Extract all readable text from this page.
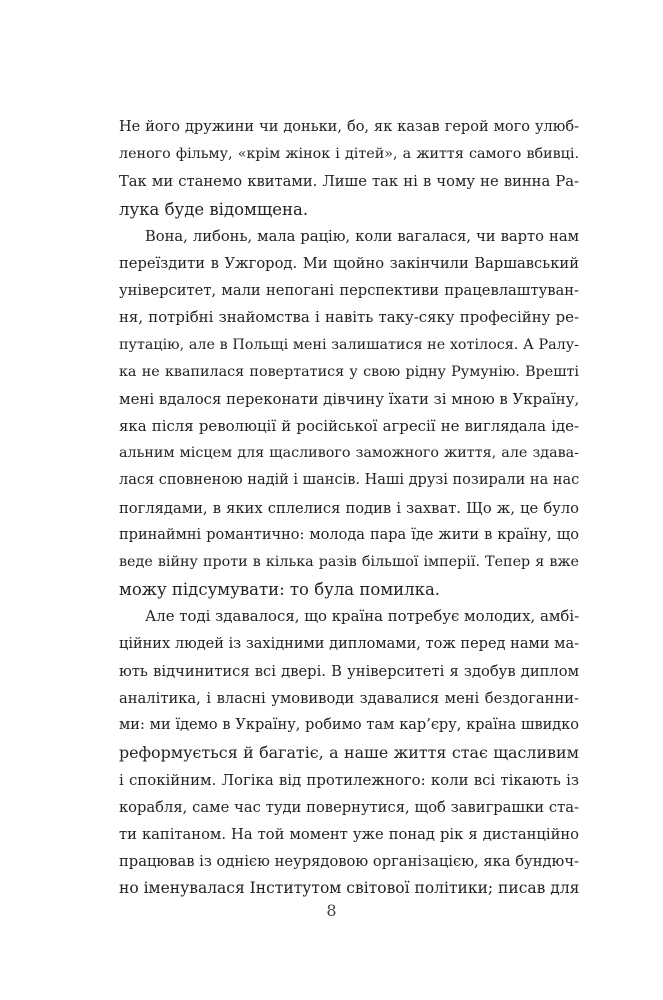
Не його дружини чи доньки, бо, як казав герой мого улюб-
леного фільму, «крім жінок і дітей», а життя самого вбивці.
Так ми станемо квитами. Лише так ні в чому не винна Ра-
лука буде відомщена.
Вона, либонь, мала рацію, коли вагалася, чи варто нам
переїздити в Ужгород. Ми щойно закінчили Варшавський
університет, мали непогані перспективи працевлаштуван-
ня, потрібні знайомства і навіть таку-сяку професійну ре-
путацію, але в Польщі мені залишатися не хотілося. А Ралу-
ка не квапилася повертатися у свою рідну Румунію. Врешті
мені вдалося переконати дівчину їхати зі мною в Україну,
яка після революції й російської агресії не виглядала іде-
альним місцем для щасливого заможного життя, але здава-
лася сповненою надій і шансів. Наші друзі позирали на нас
поглядами, в яких сплелися подив і захват. Що ж, це було
принаймні романтично: молода пара їде жити в країну, що
веде війну проти в кілька разів більшої імперії. Тепер я вже
можу підсумувати: то була помилка.
Але тоді здавалося, що країна потребує молодих, амбі-
ційних людей із західними дипломами, тож перед нами ма-
ють відчинитися всі двері. В університеті я здобув диплом
аналітика, і власні умовиводи здавалися мені бездоганни-
ми: ми їдемо в Україну, робимо там кар’єру, країна швидко
реформується й багатіє, а наше життя стає щасливим
і спокійним. Логіка від протилежного: коли всі тікають із
корабля, саме час туди повернутися, щоб завиграшки ста-
ти капітаном. На той момент уже понад рік я дистанційно
працював із однією неурядовою організацією, яка бундюч-
но іменувалася Інститутом світової політики; писав для
8
